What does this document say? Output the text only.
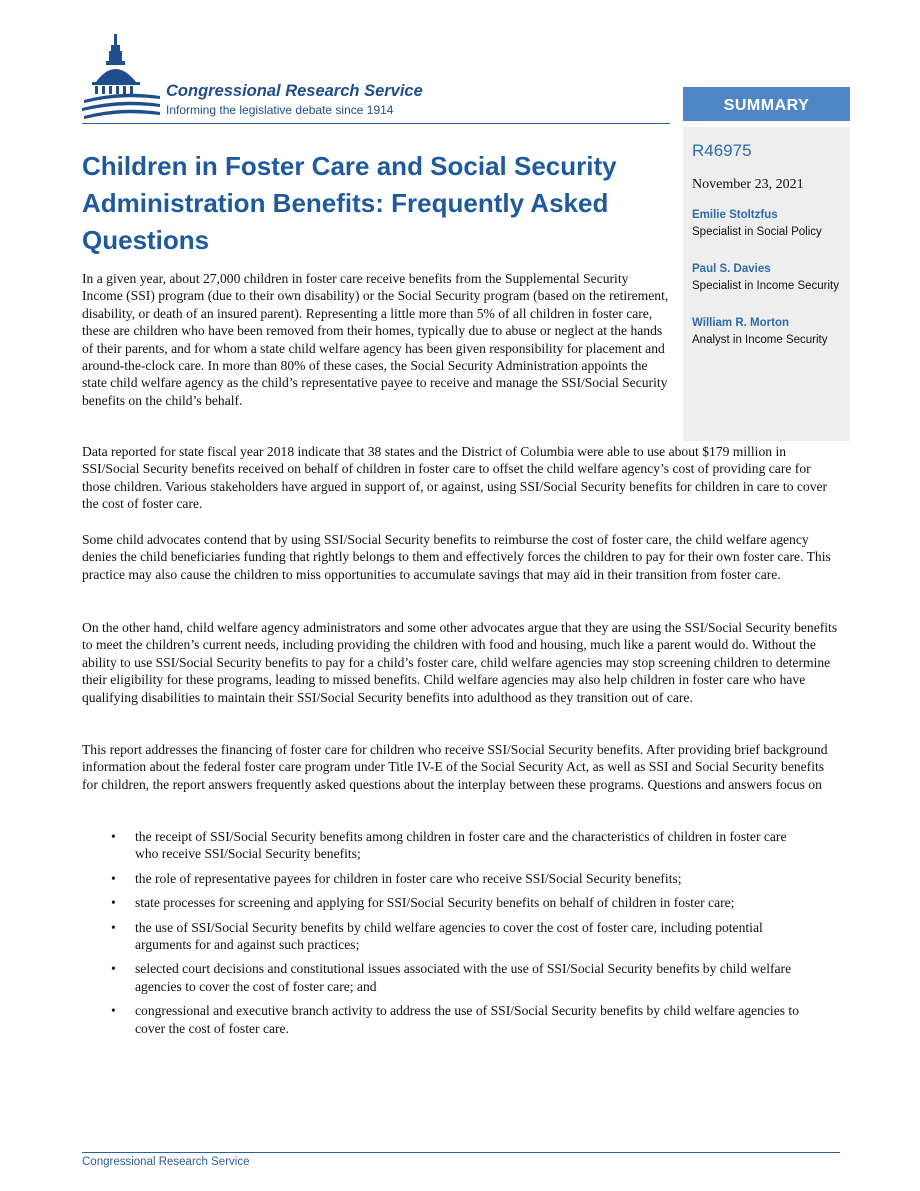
Congressional Research Service
Informing the legislative debate since 1914	SUMMARY
R46975
November 23, 2021
Emilie Stoltzfus
Specialist in Social Policy
Paul S. Davies
Specialist in Income Security
William R. Morton
Analyst in Income Security
Children in Foster Care and Social Security Administration Benefits: Frequently Asked Questions

In a given year, about 27,000 children in foster care receive benefits from the Supplemental Security Income (SSI) program (due to their own disability) or the Social Security program (based on the retirement, disability, or death of an insured parent). Representing a little more than 5% of all children in foster care, these are children who have been removed from their homes, typically due to abuse or neglect at the hands of their parents, and for whom a state child welfare agency has been given responsibility for placement and around-the-clock care. In more than 80% of these cases, the Social Security Administration appoints the state child welfare agency as the child’s representative payee to receive and manage the SSI/Social Security benefits on the child’s behalf.

Data reported for state fiscal year 2018 indicate that 38 states and the District of Columbia were able to use about $179 million in SSI/Social Security benefits received on behalf of children in foster care to offset the child welfare agency’s cost of providing care for those children. Various stakeholders have argued in support of, or against, using SSI/Social Security benefits for children in care to cover the cost of foster care.

Some child advocates contend that by using SSI/Social Security benefits to reimburse the cost of foster care, the child welfare agency denies the child beneficiaries funding that rightly belongs to them and effectively forces the children to pay for their own foster care. This practice may also cause the children to miss opportunities to accumulate savings that may aid in their transition from foster care.

On the other hand, child welfare agency administrators and some other advocates argue that they are using the SSI/Social Security benefits to meet the children’s current needs, including providing the children with food and housing, much like a parent would do. Without the ability to use SSI/Social Security benefits to pay for a child’s foster care, child welfare agencies may stop screening children to determine their eligibility for these programs, leading to missed benefits. Child welfare agencies may also help children in foster care who have qualifying disabilities to maintain their SSI/Social Security benefits into adulthood as they transition out of care.

This report addresses the financing of foster care for children who receive SSI/Social Security benefits. After providing brief background information about the federal foster care program under Title IV-E of the Social Security Act, as well as SSI and Social Security benefits for children, the report answers frequently asked questions about the interplay between these programs. Questions and answers focus on

• the receipt of SSI/Social Security benefits among children in foster care and the characteristics of children in foster care who receive SSI/Social Security benefits;
• the role of representative payees for children in foster care who receive SSI/Social Security benefits;
• state processes for screening and applying for SSI/Social Security benefits on behalf of children in foster care;
• the use of SSI/Social Security benefits by child welfare agencies to cover the cost of foster care, including potential arguments for and against such practices;
• selected court decisions and constitutional issues associated with the use of SSI/Social Security benefits by child welfare agencies to cover the cost of foster care; and
• congressional and executive branch activity to address the use of SSI/Social Security benefits by child welfare agencies to cover the cost of foster care.
Congressional Research Service
